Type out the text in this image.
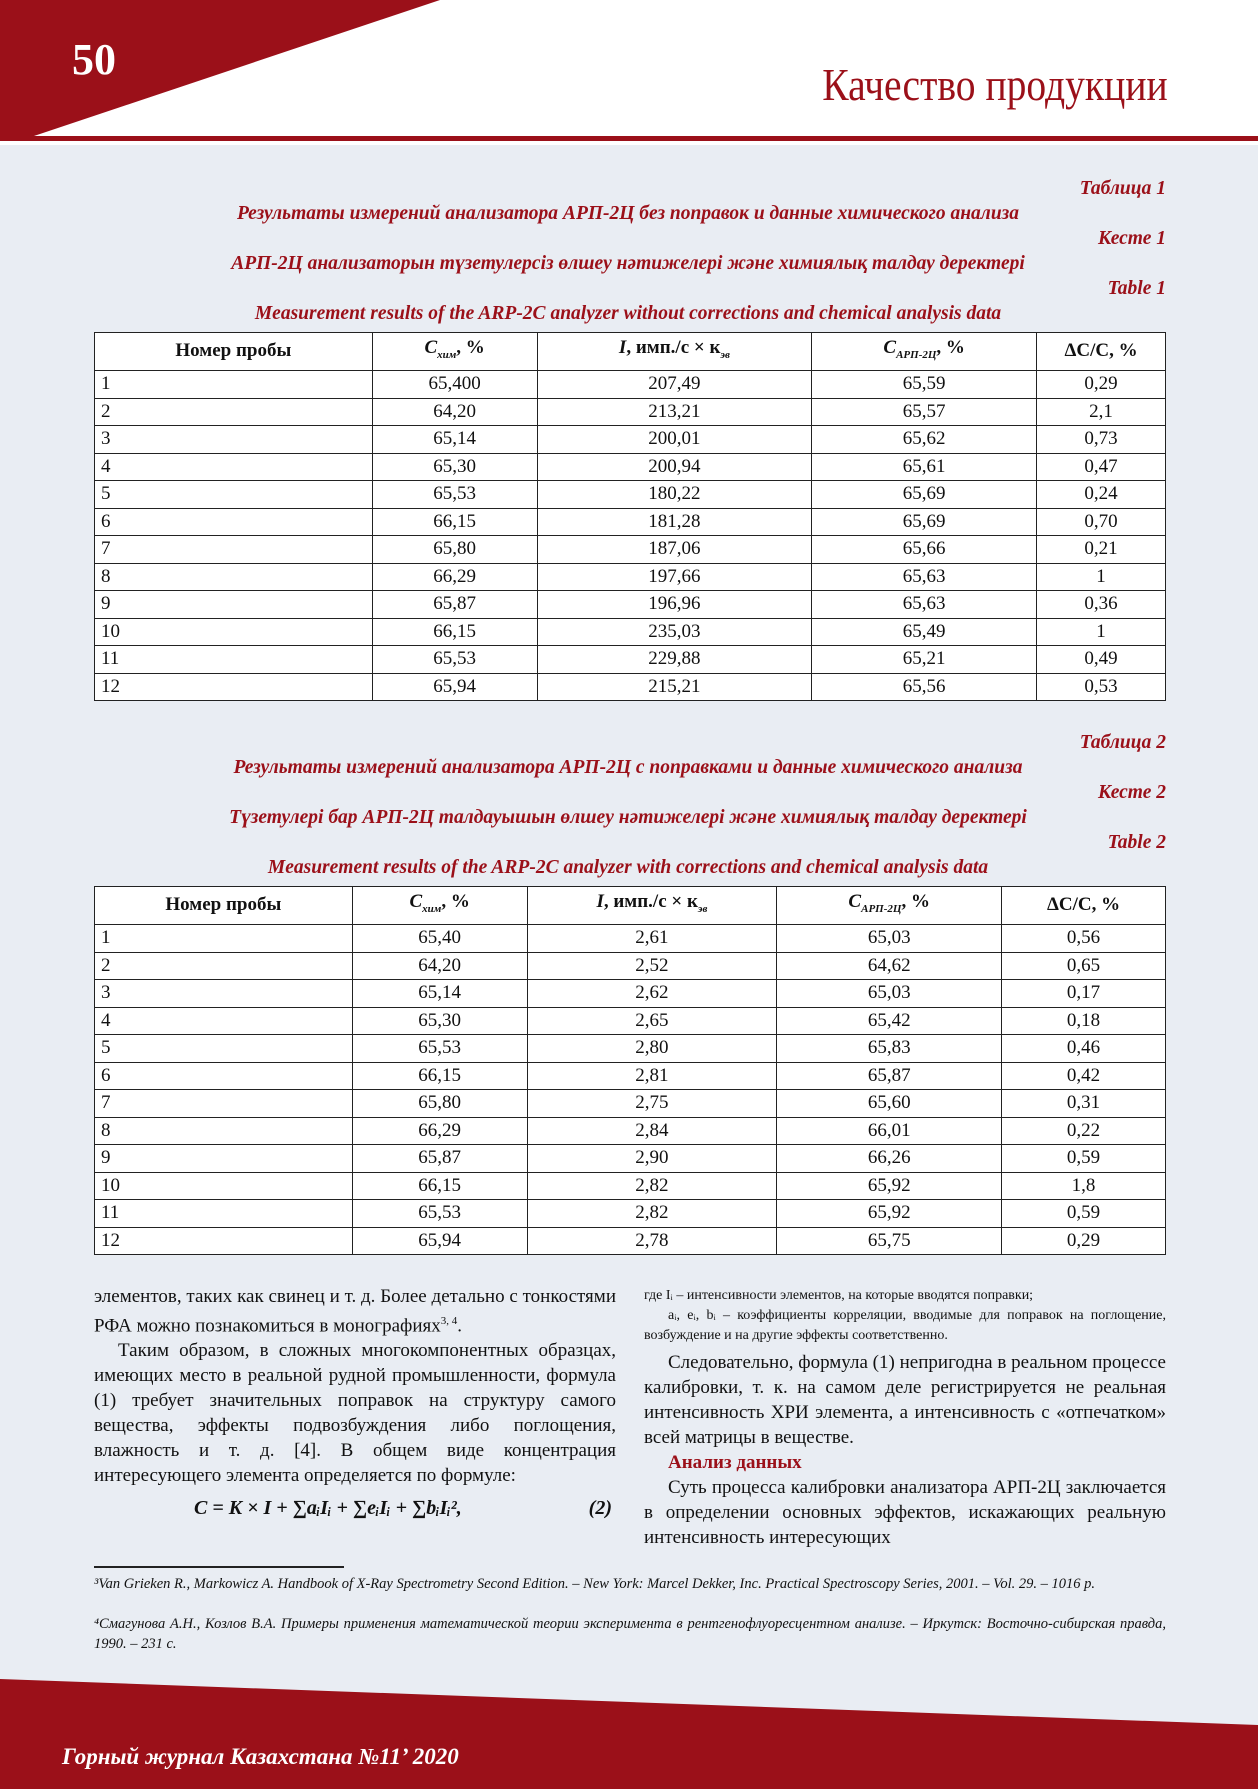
50	Качество продукции
Таблица 1
Результаты измерений анализатора АРП-2Ц без поправок и данные химического анализа
Кесте 1
АРП-2Ц анализаторын түзетулерсіз өлшеу нәтижелері және химиялық талдау деректері
Table 1
Measurement results of the ARP-2C analyzer without corrections and chemical analysis data
Номер пробы	$C_{хим}$, %	I, $имп./с \times к_{эв}$	$C_{АРП-2Ц}$, %	ΔC/C, %
1	65,400	207,49	65,59	0,29
2	64,20	213,21	65,57	2,1
3	65,14	200,01	65,62	0,73
4	65,30	200,94	65,61	0,47
5	65,53	180,22	65,69	0,24
6	66,15	181,28	65,69	0,70
7	65,80	187,06	65,66	0,21
8	66,29	197,66	65,63	1
9	65,87	196,96	65,63	0,36
10	66,15	235,03	65,49	1
11	65,53	229,88	65,21	0,49
12	65,94	215,21	65,56	0,53
Таблица 2
Результаты измерений анализатора АРП-2Ц с поправками и данные химического анализа
Кесте 2
Түзетулері бар АРП-2Ц талдауышын өлшеу нәтижелері және химиялық талдау деректері
Table 2
Measurement results of the ARP-2C analyzer with corrections and chemical analysis data
Номер пробы	$C_{хим}$, %	I, $имп./с \times к_{эв}$	$C_{АРП-2Ц}$, %	ΔC/C, %
1	65,40	2,61	65,03	0,56
2	64,20	2,52	64,62	0,65
3	65,14	2,62	65,03	0,17
4	65,30	2,65	65,42	0,18
5	65,53	2,80	65,83	0,46
6	66,15	2,81	65,87	0,42
7	65,80	2,75	65,60	0,31
8	66,29	2,84	66,01	0,22
9	65,87	2,90	66,26	0,59
10	66,15	2,82	65,92	1,8
11	65,53	2,82	65,92	0,59
12	65,94	2,78	65,75	0,29

элементов, таких как свинец и т. д. Более детально с тонкостями РФА можно познакомиться в монографиях$^{3, 4}$.

Таким образом, в сложных многокомпонентных образцах, имеющих место в реальной рудной промышленности, формула (1) требует значительных поправок на структуру самого вещества, эффекты подвозбуждения либо поглощения, влажность и т. д. [4]. В общем виде концентрация интересующего элемента определяется по формуле:

C = K × I + ∑aᵢIᵢ + ∑eᵢIᵢ + ∑bᵢIᵢ²,	(2)

где Iᵢ – интенсивности элементов, на которые вводятся поправки;

aᵢ, eᵢ, bᵢ – коэффициенты корреляции, вводимые для поправок на поглощение, возбуждение и на другие эффекты соответственно.

Следовательно, формула (1) непригодна в реальном процессе калибровки, т. к. на самом деле регистрируется не реальная интенсивность ХРИ элемента, а интенсивность с «отпечатком» всей матрицы в веществе.

Анализ данных

Суть процесса калибровки анализатора АРП-2Ц заключается в определении основных эффектов, искажающих реальную интенсивность интересующих

³Van Grieken R., Markowicz A. Handbook of X-Ray Spectrometry Second Edition. – New York: Marcel Dekker, Inc. Practical Spectroscopy Series, 2001. – Vol. 29. – 1016 p.
⁴Смагунова А.Н., Козлов В.А. Примеры применения математической теории эксперимента в рентгенофлуоресцентном анализе. – Иркутск: Восточно-сибирская правда, 1990. – 231 с.
Горный журнал Казахстана №11’ 2020
